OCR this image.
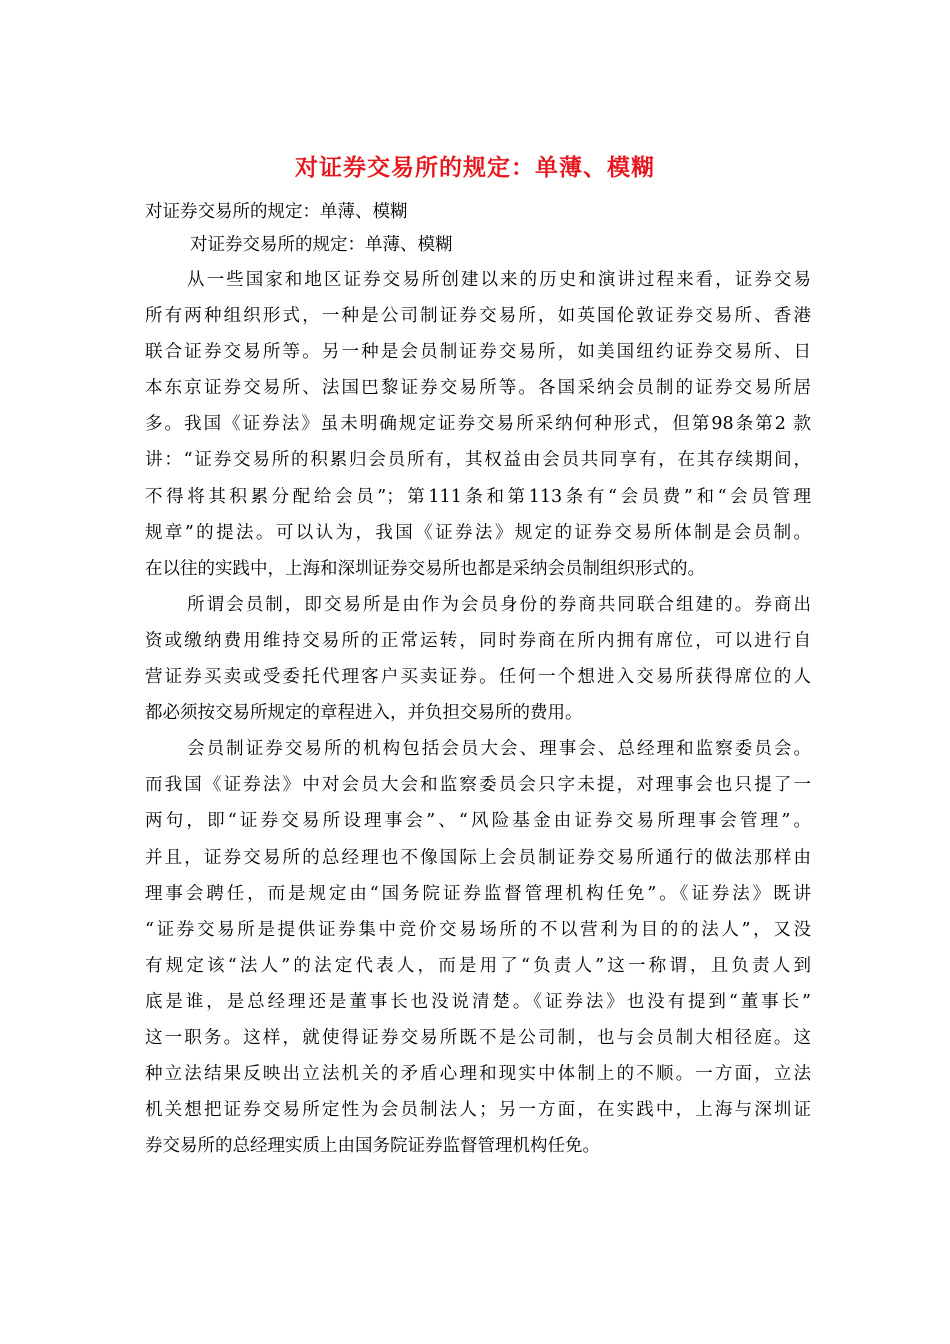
对证券交易所的规定：单薄、模糊
对证券交易所的规定：单薄、模糊
对证券交易所的规定：单薄、模糊

从一些国家和地区证券交易所创建以来的历史和演讲过程来看，证券交易
所有两种组织形式，一种是公司制证券交易所，如英国伦敦证券交易所、香港
联合证券交易所等。另一种是会员制证券交易所，如美国纽约证券交易所、日
本东京证券交易所、法国巴黎证券交易所等。各国采纳会员制的证券交易所居
多。我国《证券法》虽未明确规定证券交易所采纳何种形式，但第98条第2 款
讲：“证券交易所的积累归会员所有，其权益由会员共同享有，在其存续期间，
不得将其积累分配给会员”；第111条和第113条有“会员费”和“会员管理
规章”的提法。可以认为，我国《证券法》规定的证券交易所体制是会员制。
在以往的实践中，上海和深圳证券交易所也都是采纳会员制组织形式的。

所谓会员制，即交易所是由作为会员身份的券商共同联合组建的。券商出
资或缴纳费用维持交易所的正常运转，同时券商在所内拥有席位，可以进行自
营证券买卖或受委托代理客户买卖证券。任何一个想进入交易所获得席位的人
都必须按交易所规定的章程进入，并负担交易所的费用。

会员制证券交易所的机构包括会员大会、理事会、总经理和监察委员会。
而我国《证券法》中对会员大会和监察委员会只字未提，对理事会也只提了一
两句，即“证券交易所设理事会”、“风险基金由证券交易所理事会管理”。
并且，证券交易所的总经理也不像国际上会员制证券交易所通行的做法那样由
理事会聘任，而是规定由“国务院证券监督管理机构任免”。《证券法》既讲
“证券交易所是提供证券集中竞价交易场所的不以营利为目的的法人”，又没
有规定该“法人”的法定代表人，而是用了“负责人”这一称谓，且负责人到
底是谁，是总经理还是董事长也没说清楚。《证券法》也没有提到“董事长”
这一职务。这样，就使得证券交易所既不是公司制，也与会员制大相径庭。这
种立法结果反映出立法机关的矛盾心理和现实中体制上的不顺。一方面，立法
机关想把证券交易所定性为会员制法人；另一方面，在实践中，上海与深圳证
券交易所的总经理实质上由国务院证券监督管理机构任免。
